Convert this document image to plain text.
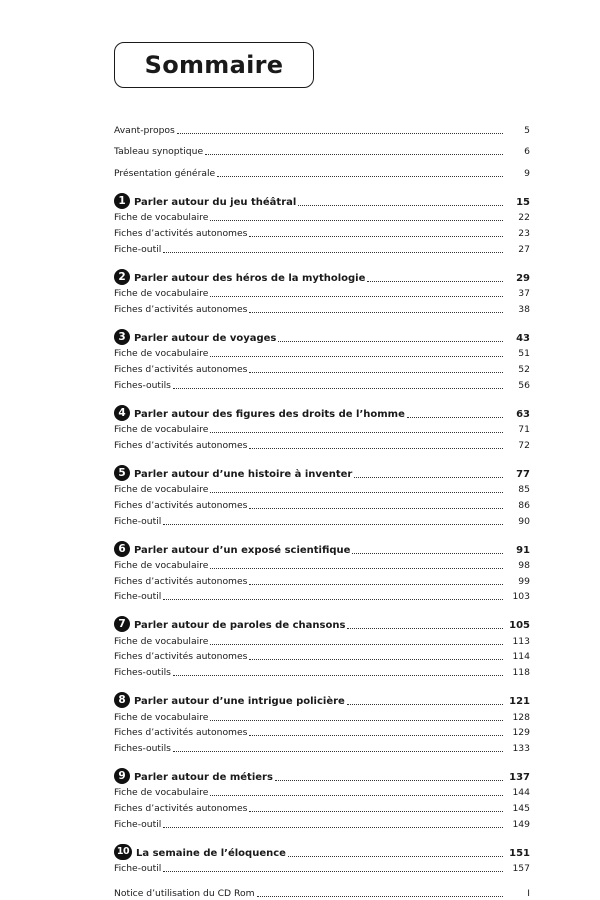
Sommaire
Avant-propos	5
Tableau synoptique	6
Présentation générale	9
1 Parler autour du jeu théâtral	15
Fiche de vocabulaire	22
Fiches d’activités autonomes	23
Fiche-outil	27
2 Parler autour des héros de la mythologie	29
Fiche de vocabulaire	37
Fiches d’activités autonomes	38
3 Parler autour de voyages	43
Fiche de vocabulaire	51
Fiches d’activités autonomes	52
Fiches-outils	56
4 Parler autour des figures des droits de l’homme	63
Fiche de vocabulaire	71
Fiches d’activités autonomes	72
5 Parler autour d’une histoire à inventer	77
Fiche de vocabulaire	85
Fiches d’activités autonomes	86
Fiche-outil	90
6 Parler autour d’un exposé scientifique	91
Fiche de vocabulaire	98
Fiches d’activités autonomes	99
Fiche-outil	103
7 Parler autour de paroles de chansons	105
Fiche de vocabulaire	113
Fiches d’activités autonomes	114
Fiches-outils	118
8 Parler autour d’une intrigue policière	121
Fiche de vocabulaire	128
Fiches d’activités autonomes	129
Fiches-outils	133
9 Parler autour de métiers	137
Fiche de vocabulaire	144
Fiches d’activités autonomes	145
Fiche-outil	149
10 La semaine de l’éloquence	151
Fiche-outil	157
Notice d’utilisation du CD Rom	I
